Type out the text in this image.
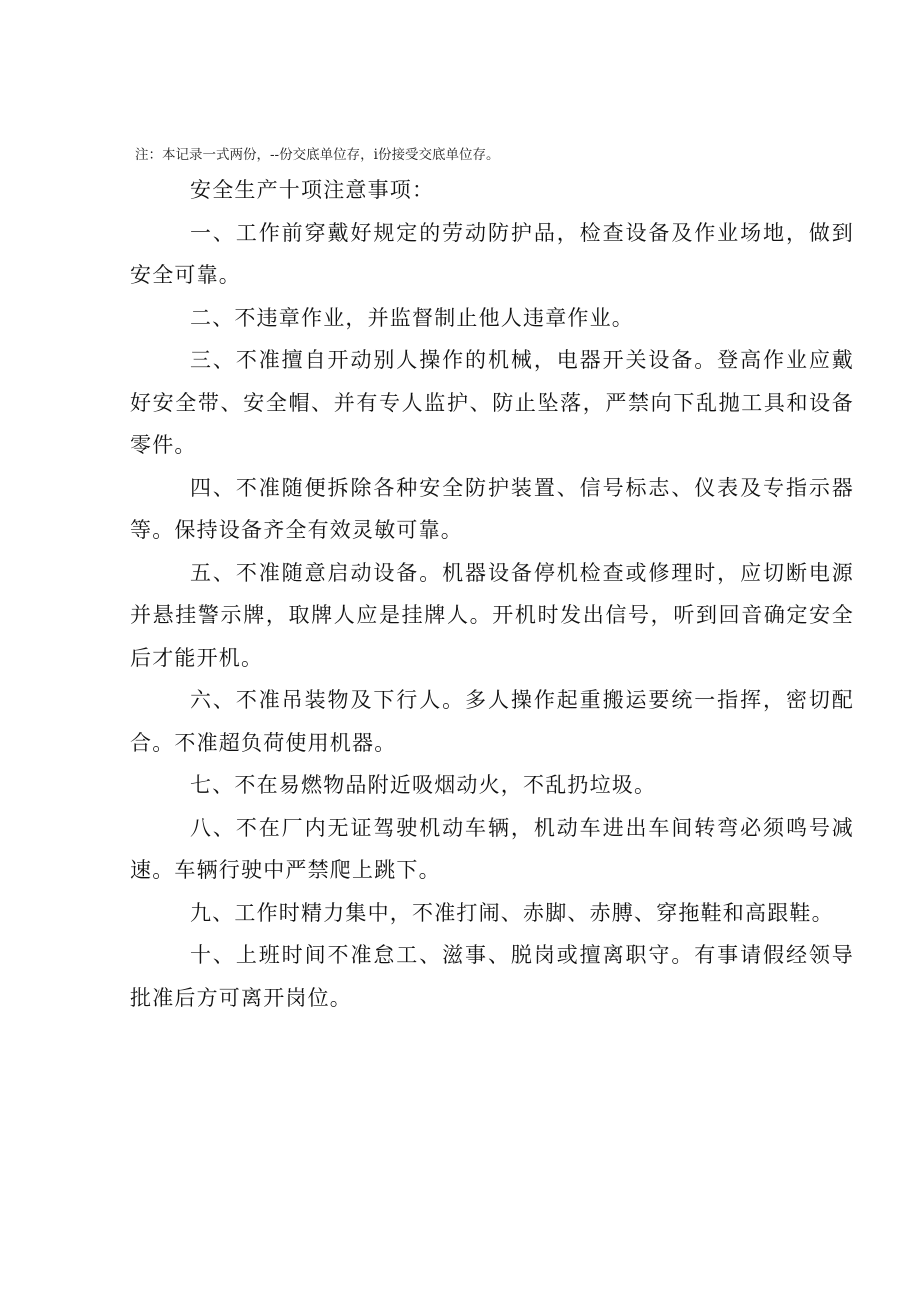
注：本记录一式两份，--份交底单位存，i份接受交底单位存。

安全生产十项注意事项：

一、工作前穿戴好规定的劳动防护品，检查设备及作业场地，做到安全可靠。

二、不违章作业，并监督制止他人违章作业。

三、不准擅自开动别人操作的机械，电器开关设备。登高作业应戴好安全带、安全帽、并有专人监护、防止坠落，严禁向下乱抛工具和设备零件。

四、不准随便拆除各种安全防护装置、信号标志、仪表及专指示器等。保持设备齐全有效灵敏可靠。

五、不准随意启动设备。机器设备停机检查或修理时，应切断电源并悬挂警示牌，取牌人应是挂牌人。开机时发出信号，听到回音确定安全后才能开机。

六、不准吊装物及下行人。多人操作起重搬运要统一指挥，密切配合。不准超负荷使用机器。

七、不在易燃物品附近吸烟动火，不乱扔垃圾。

八、不在厂内无证驾驶机动车辆，机动车进出车间转弯必须鸣号减速。车辆行驶中严禁爬上跳下。

九、工作时精力集中，不准打闹、赤脚、赤膊、穿拖鞋和高跟鞋。

十、上班时间不准怠工、滋事、脱岗或擅离职守。有事请假经领导批准后方可离开岗位。
